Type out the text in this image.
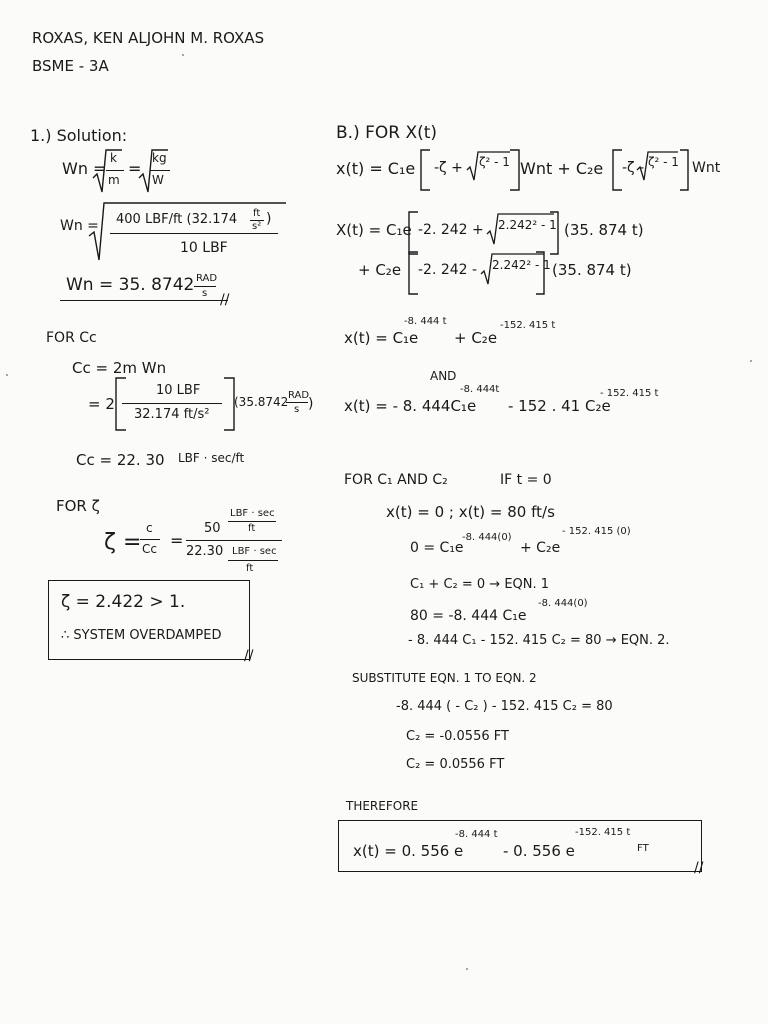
ROXAS, KEN ALJOHN M. ROXAS
BSME - 3A
1.) Solution:
Wn =
k
m
=
kg
W
Wn = 400 LBF/ft (32.174 ft
s² )
10 LBF
Wn = 35. 8742 RAD
s //
FOR Cc
Cc = 2m Wn
= 2
10 LBF
32.174 ft/s²
(35.8742 RAD
s )
Cc = 22. 30 LBF · sec/ft
FOR ζ
ζ =
c
Cc =
50
LBF · sec
ft
22.30 LBF · sec
ft
ζ = 2.422 > 1.
∴ SYSTEM OVERDAMPED
//
B.) FOR X(t)
x(t) = C₁e -ζ + ζ² - 1 Wnt + C₂e -ζ - ζ² - 1 Wnt
X(t) = C₁e -2. 242 + 2.242² - 1 (35. 874 t)
+ C₂e -2. 242 - 2.242² - 1 (35. 874 t)
x(t) = C₁e
-8. 444 t
+ C₂e
-152. 415 t
AND
x(t) = - 8. 444C₁e
-8. 444t
- 152 . 41 C₂e
- 152. 415 t
FOR C₁ AND C₂	IF t = 0
x(t) = 0 ; x(t) = 80 ft/s
0 = C₁e
-8. 444(0)
+ C₂e
- 152. 415 (0)
C₁ + C₂ = 0 → EQN. 1
80 = -8. 444 C₁e
-8. 444(0)
- 8. 444 C₁ - 152. 415 C₂ = 80 → EQN. 2.
SUBSTITUTE EQN. 1 TO EQN. 2
-8. 444 ( - C₂ ) - 152. 415 C₂ = 80
C₂ = -0.0556 FT
C₂ = 0.0556 FT
THEREFORE
x(t) = 0. 556 e
-8. 444 t
- 0. 556 e
-152. 415 t
FT
//
